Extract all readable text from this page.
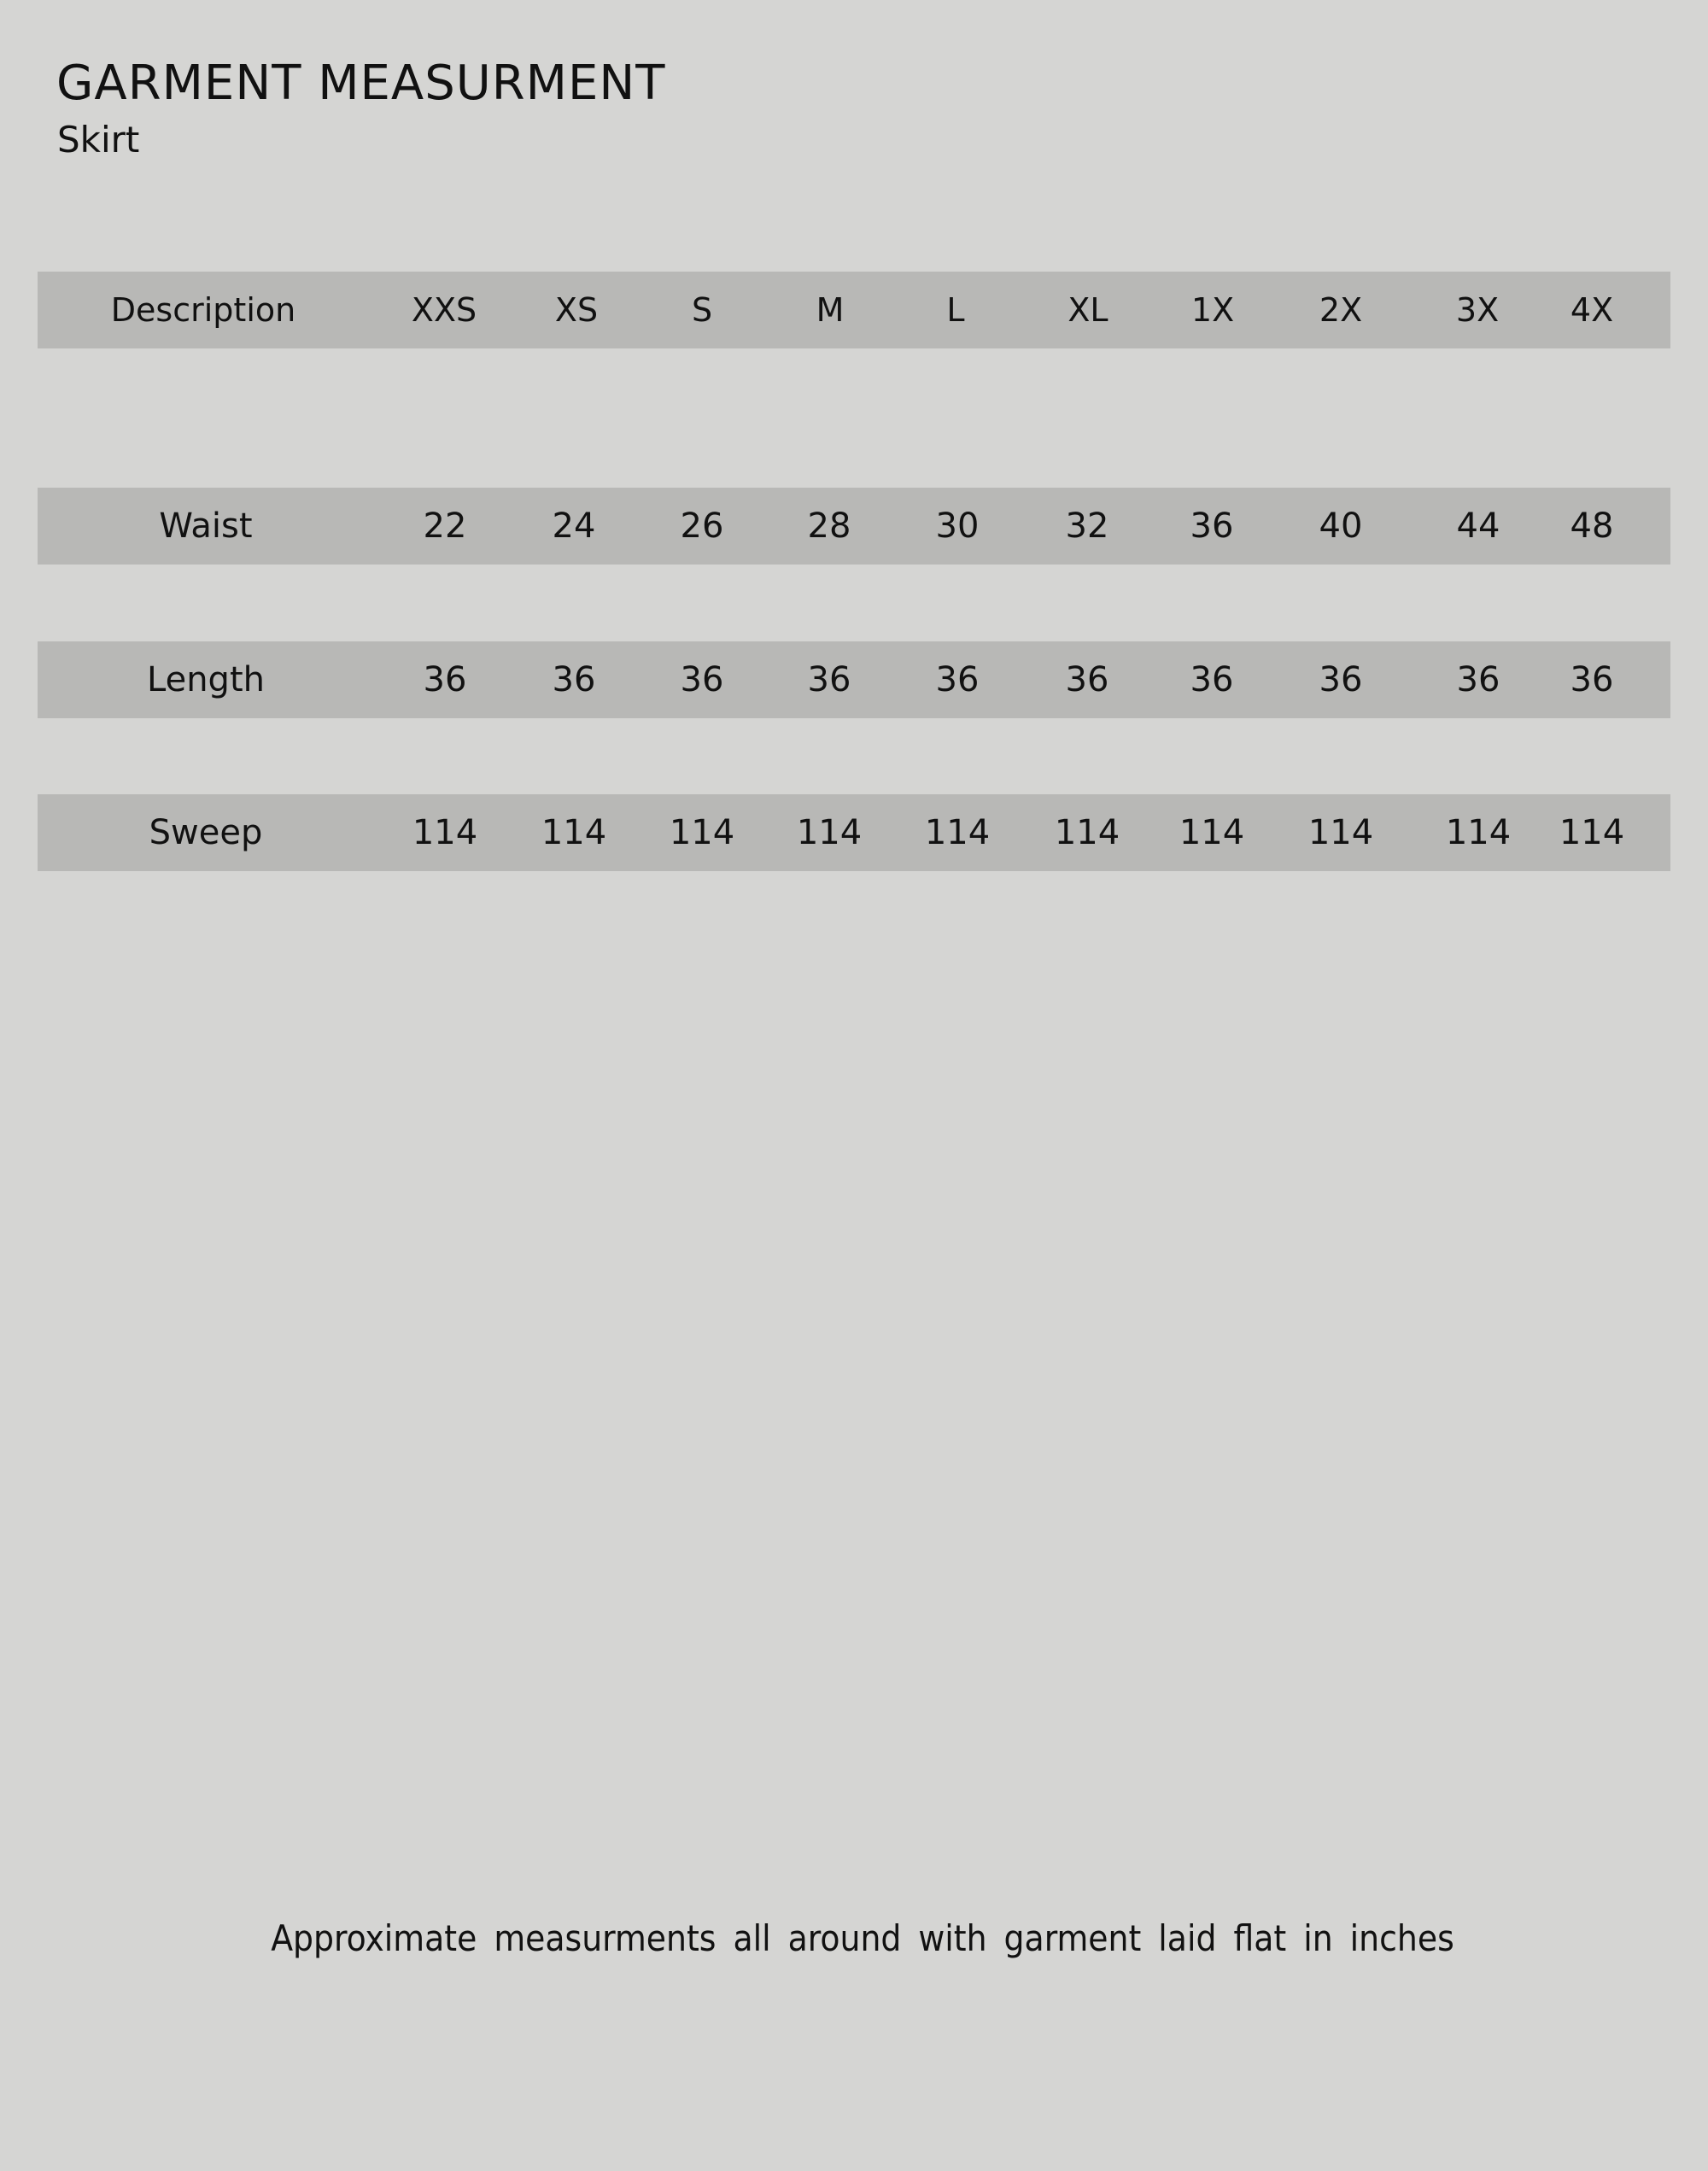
GARMENT MEASURMENT
Skirt
Description	XXS XS	S	M	L	XL	1X	2X	3X 4X
Waist	22	24 26 28 30	32 36	40	44 48
Length	36	36 36 36 36	36 36	36	36 36
Sweep	114 114 114 114 114 114 114 114 114 114
Approximate measurments all around with garment laid flat in inches
